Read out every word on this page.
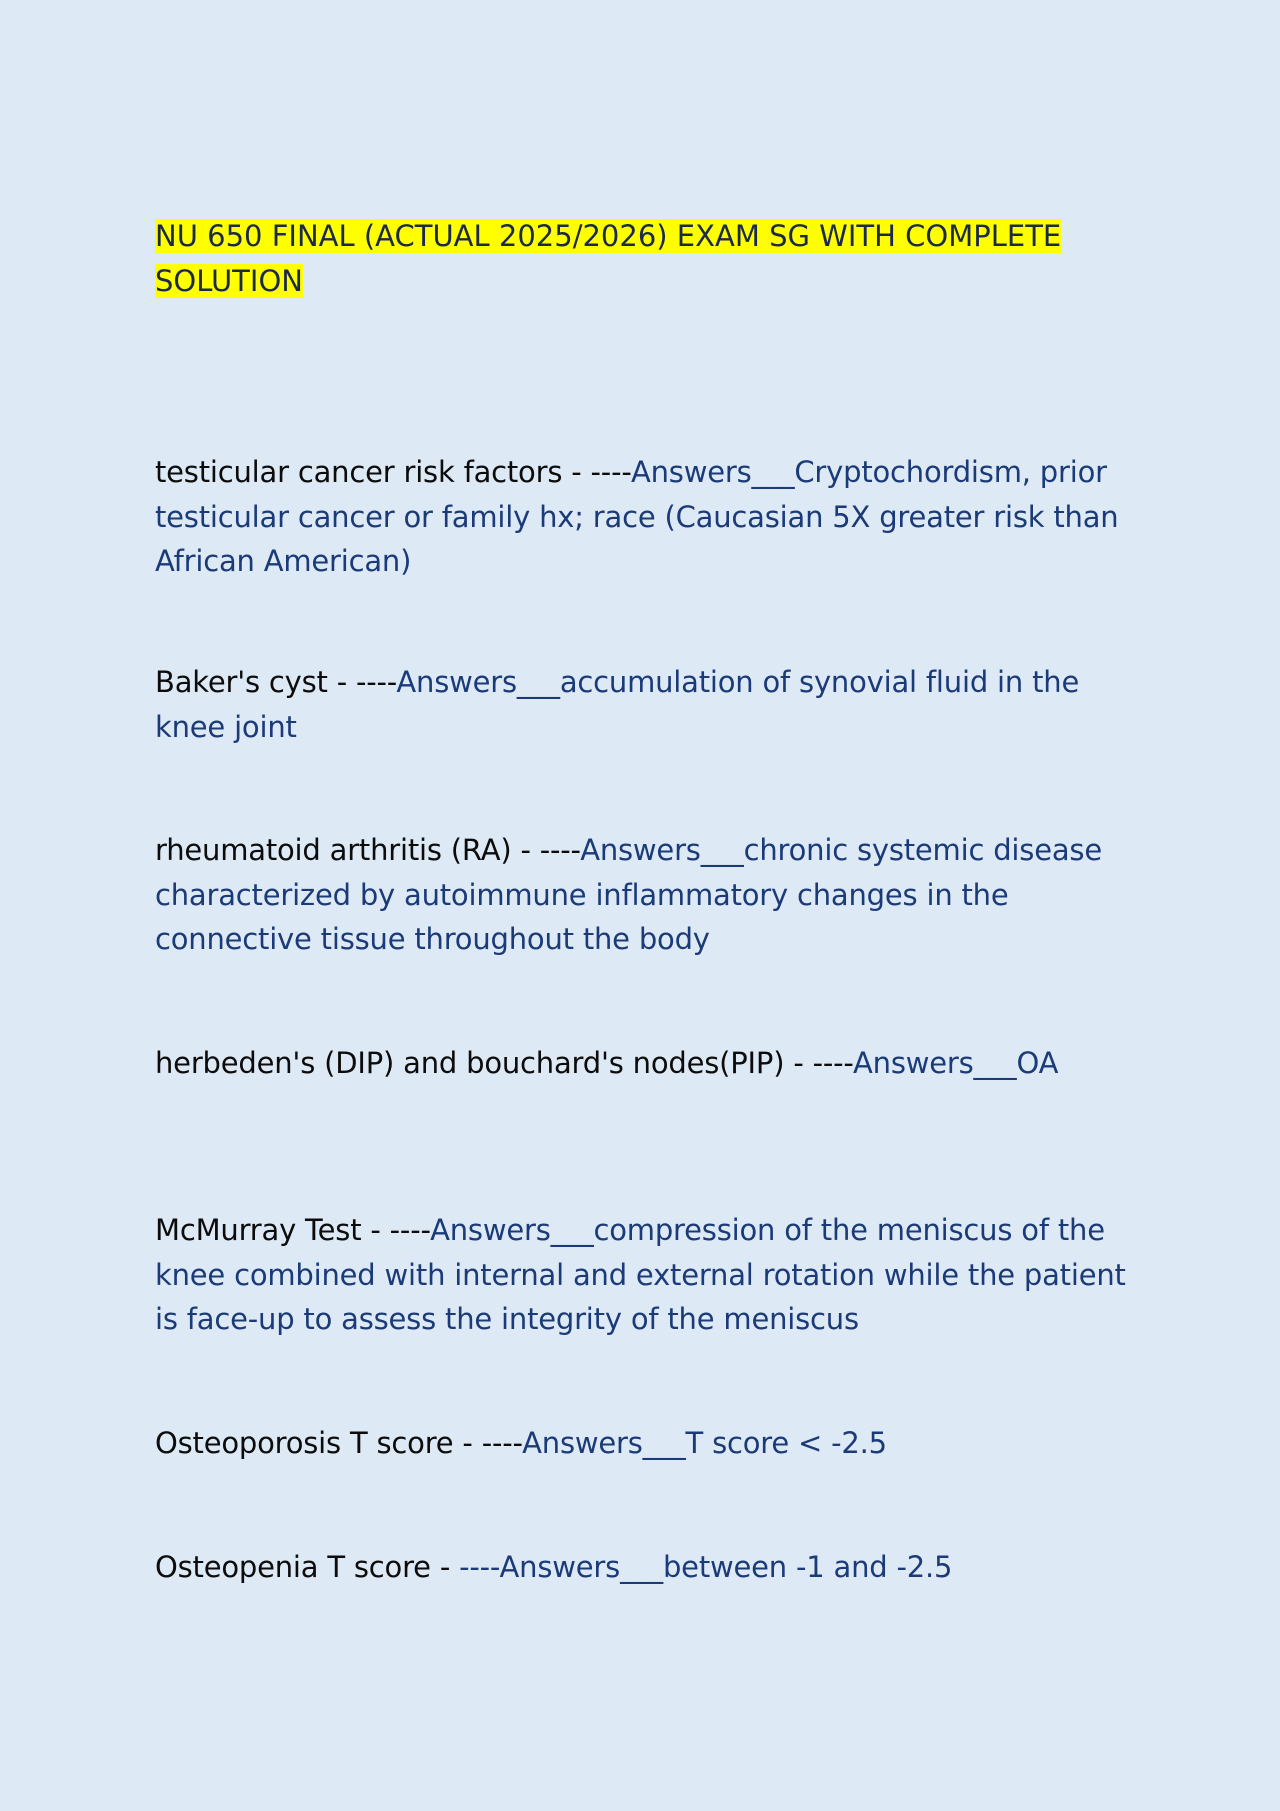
NU 650 FINAL (ACTUAL 2025/2026) EXAM SG WITH COMPLETE SOLUTION

testicular cancer risk factors - ----Answers___Cryptochordism, prior testicular cancer or family hx; race (Caucasian 5X greater risk than African American)

Baker's cyst - ----Answers___accumulation of synovial fluid in the knee joint

rheumatoid arthritis (RA) - ----Answers___chronic systemic disease characterized by autoimmune inflammatory changes in the connective tissue throughout the body

herbeden's (DIP) and bouchard's nodes(PIP) - ----Answers___OA

McMurray Test - ----Answers___compression of the meniscus of the knee combined with internal and external rotation while the patient is face-up to assess the integrity of the meniscus

Osteoporosis T score - ----Answers___T score < -2.5

Osteopenia T score - ----Answers___between -1 and -2.5
